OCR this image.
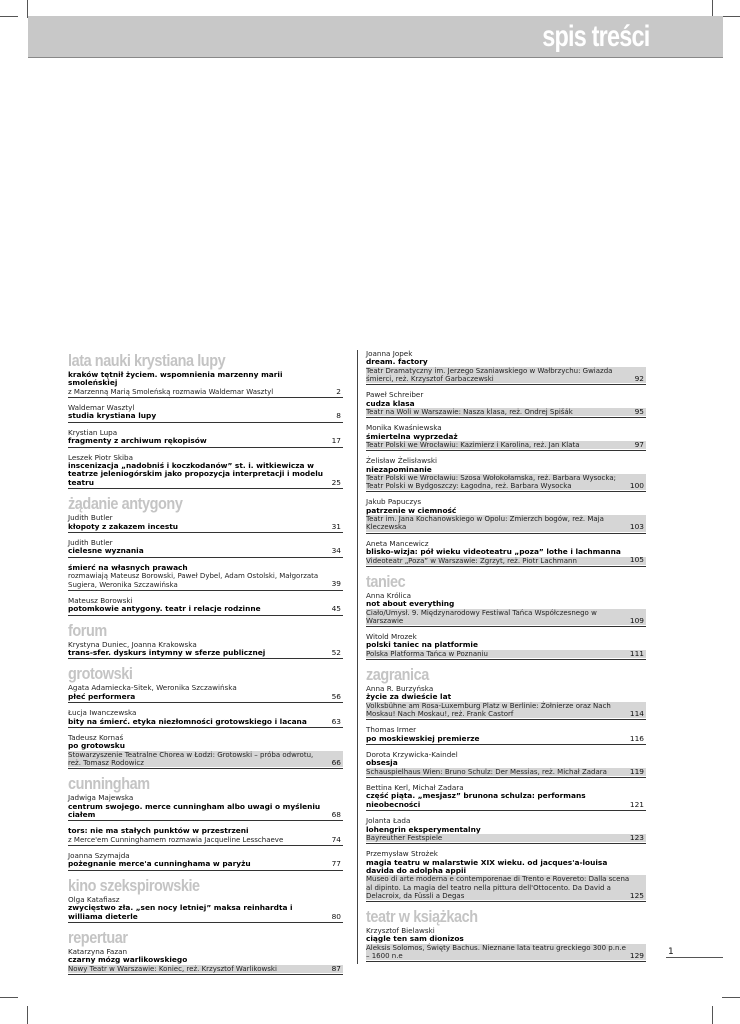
spis treści
lata nauki krystiana lupy
kraków tętnił życiem. wspomnienia marzenny marii smoleńskiej
z Marzenną Marią Smoleńską rozmawia Waldemar Wasztyl	2
Waldemar Wasztyl
studia krystiana lupy	8
Krystian Lupa
fragmenty z archiwum rękopisów	17
Leszek Piotr Skiba
inscenizacja „nadobniś i koczkodanów” st. i. witkiewicza w teatrze jeleniogórskim jako propozycja interpretacji i modelu teatru	25
żądanie antygony
Judith Butler
kłopoty z zakazem incestu	31
Judith Butler
cielesne wyznania	34
śmierć na własnych prawach
rozmawiają Mateusz Borowski, Paweł Dybel, Adam Ostolski, Małgorzata Sugiera, Weronika Szczawińska	39
Mateusz Borowski
potomkowie antygony. teatr i relacje rodzinne	45
forum
Krystyna Duniec, Joanna Krakowska
trans-sfer. dyskurs intymny w sferze publicznej	52
grotowski
Agata Adamiecka-Sitek, Weronika Szczawińska
płeć performera	56
Łucja Iwanczewska
bity na śmierć. etyka niezłomności grotowskiego i lacana	63
Tadeusz Kornaś
po grotowsku
Stowarzyszenie Teatralne Chorea w Łodzi: Grotowski – próba odwrotu, reż. Tomasz Rodowicz	66
cunningham
Jadwiga Majewska
centrum swojego. merce cunningham albo uwagi o myśleniu ciałem	68
tors: nie ma stałych punktów w przestrzeni
z Merce'em Cunninghamem rozmawia Jacqueline Lesschaeve	74
Joanna Szymajda
pożegnanie merce'a cunninghama w paryżu	77
kino szekspirowskie
Olga Katafiasz
zwycięstwo zła. „sen nocy letniej” maksa reinhardta i williama dieterle	80
repertuar
Katarzyna Fazan
czarny mózg warlikowskiego
Nowy Teatr w Warszawie: Koniec, reż. Krzysztof Warlikowski	87
Joanna Jopek
dream. factory
Teatr Dramatyczny im. Jerzego Szaniawskiego w Wałbrzychu: Gwiazda śmierci, reż. Krzysztof Garbaczewski	92
Paweł Schreiber
cudza klasa
Teatr na Woli w Warszawie: Nasza klasa, reż. Ondrej Spišák	95
Monika Kwaśniewska
śmiertelna wyprzedaż
Teatr Polski we Wrocławiu: Kazimierz i Karolina, reż. Jan Klata	97
Żelisław Żelisławski
niezapominanie
Teatr Polski we Wrocławiu: Szosa Wołokołamska, reż. Barbara Wysocka; Teatr Polski w Bydgoszczy: Łagodna, reż. Barbara Wysocka	100
Jakub Papuczys
patrzenie w ciemność
Teatr im. Jana Kochanowskiego w Opolu: Zmierzch bogów, reż. Maja Kleczewska	103
Aneta Mancewicz
blisko-wizja: pół wieku videoteatru „poza” lothe i lachmanna
Videoteatr „Poza” w Warszawie: Zgrzyt, reż. Piotr Lachmann	105
taniec
Anna Królica
not about everything
Ciało/Umysł. 9. Międzynarodowy Festiwal Tańca Współczesnego w Warszawie	109
Witold Mrozek
polski taniec na platformie
Polska Platforma Tańca w Poznaniu	111
zagranica
Anna R. Burzyńska
życie za dwieście lat
Volksbühne am Rosa-Luxemburg Platz w Berlinie: Żołnierze oraz Nach Moskau! Nach Moskau!, reż. Frank Castorf	114
Thomas Irmer
po moskiewskiej premierze	116
Dorota Krzywicka-Kaindel
obsesja
Schauspielhaus Wien: Bruno Schulz: Der Messias, reż. Michał Zadara	119
Bettina Kerl, Michał Zadara
część piąta. „mesjasz” brunona schulza: performans nieobecności	121
Jolanta Łada
lohengrin eksperymentalny
Bayreuther Festspiele	123
Przemysław Strożek
magia teatru w malarstwie XIX wieku. od jacques'a-louisa davida do adolpha appii
Museo di arte moderna e contemporenae di Trento e Rovereto: Dalla scena al dipinto. La magia del teatro nella pittura dell'Ottocento. Da David a Delacroix, da Füssli a Degas	125
teatr w książkach
Krzysztof Bielawski
ciągle ten sam dionizos
Aleksis Solomos, Święty Bachus. Nieznane lata teatru greckiego 300 p.n.e – 1600 n.e	129	1
